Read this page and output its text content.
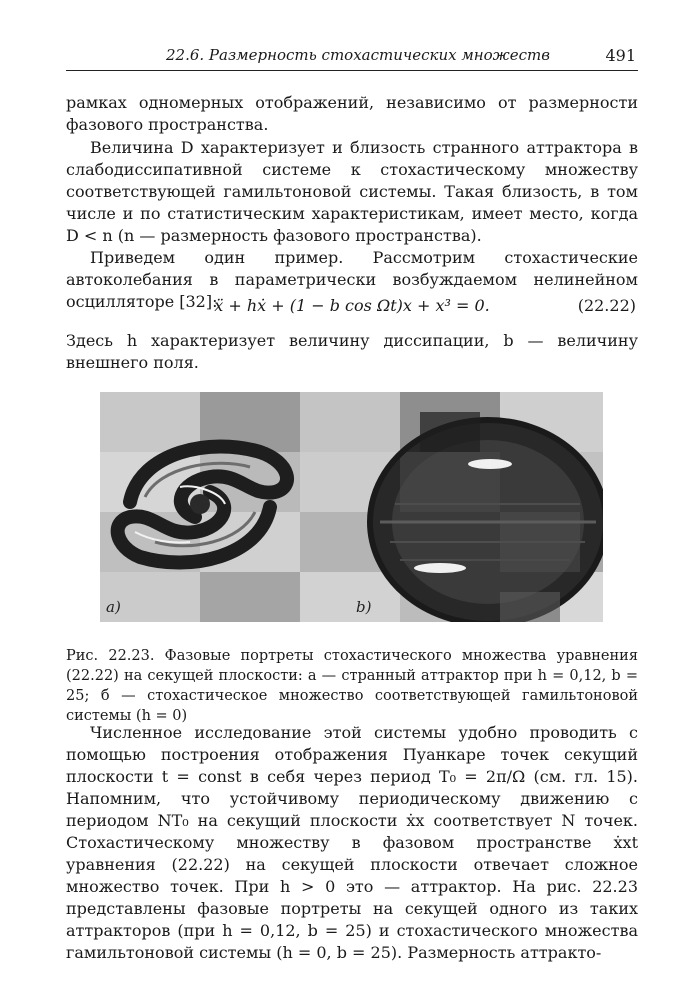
22.6. Размерность стохастических множеств	491

рамках одномерных отображений, независимо от размерности фазового пространства.

Величина D характеризует и близость странного аттрактора в слабодиссипативной системе к стохастическому множеству соответствующей гамильтоновой системы. Такая близость, в том числе и по статистическим характеристикам, имеет место, когда D < n (n — размерность фазового пространства).

Приведем один пример. Рассмотрим стохастические автоколебания в параметрически возбуждаемом нелинейном осцилляторе [32]:

ẍ + hẋ + (1 − b cos Ωt)x + x³ = 0.	(22.22)

Здесь h характеризует величину диссипации, b — величину внешнего поля.

a)	b)

Рис. 22.23. Фазовые портреты стохастического множества уравнения (22.22) на секущей плоскости: а — странный аттрактор при h = 0,12, b = 25; б — стохастическое множество соответствующей гамильтоновой системы (h = 0)

Численное исследование этой системы удобно проводить с помощью построения отображения Пуанкаре точек секущий плоскости t = const в себя через период T₀ = 2π/Ω (см. гл. 15). Напомним, что устойчивому периодическому движению с периодом NT₀ на секущий плоскости ẋx соответствует N точек. Стохастическому множеству в фазовом пространстве ẋxt уравнения (22.22) на секущей плоскости отвечает сложное множество точек. При h > 0 это — аттрактор. На рис. 22.23 представлены фазовые портреты на секущей одного из таких аттракторов (при h = 0,12, b = 25) и стохастического множества гамильтоновой системы (h = 0, b = 25). Размерность аттракто-
